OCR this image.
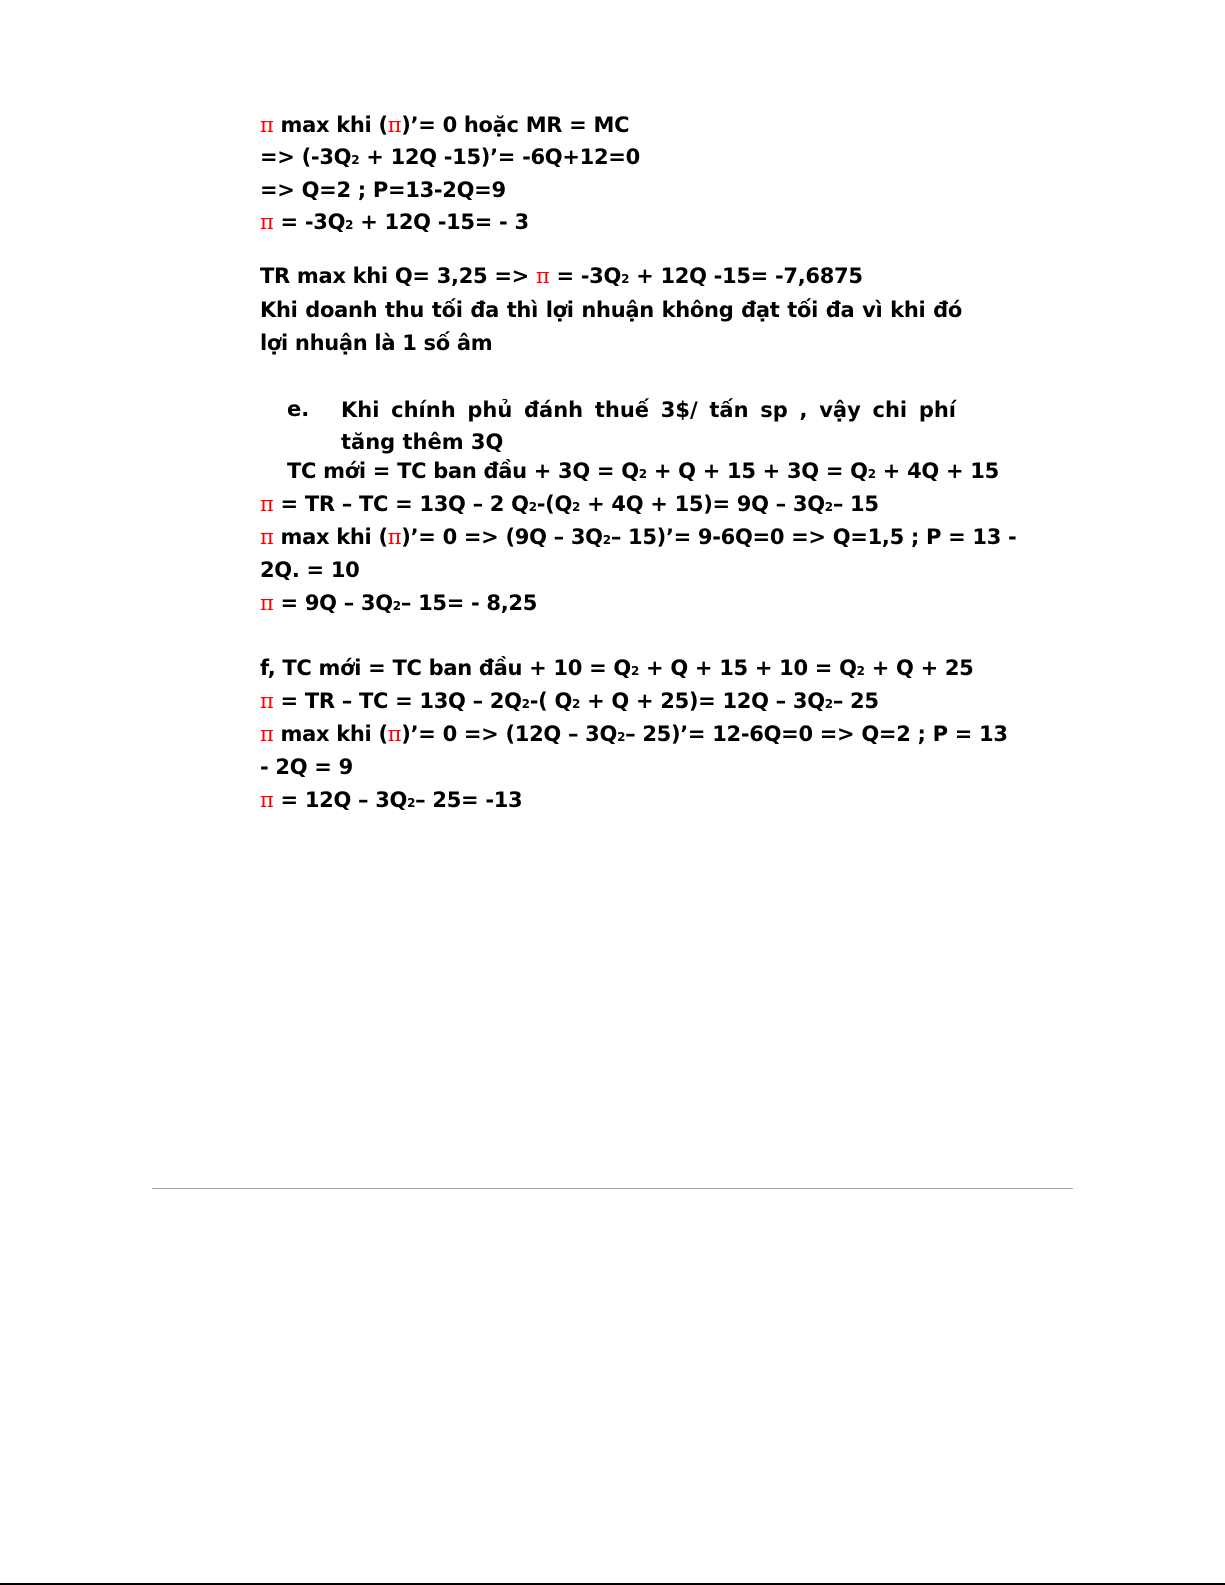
π max khi (π)’= 0 hoặc MR = MC
=> (-3Q2 + 12Q -15)’= -6Q+12=0
=> Q=2 ; P=13-2Q=9
π = -3Q2 + 12Q -15= - 3
TR max khi Q= 3,25 => π = -3Q2 + 12Q -15= -7,6875
Khi doanh thu tối đa thì lợi nhuận không đạt tối đa vì khi đó lợi nhuận là 1 số âm
e. Khi chính phủ đánh thuế 3$/ tấn sp , vậy chi phí tăng thêm 3Q
TC mới = TC ban đầu + 3Q = Q2 + Q + 15 + 3Q = Q2 + 4Q + 15
π = TR – TC = 13Q – 2 Q2-(Q2 + 4Q + 15)= 9Q – 3Q2– 15
π max khi (π)’= 0 => (9Q – 3Q2– 15)’= 9-6Q=0 => Q=1,5 ; P = 13 -
2Q. = 10
π = 9Q – 3Q2– 15= - 8,25
f, TC mới = TC ban đầu + 10 = Q2 + Q + 15 + 10 = Q2 + Q + 25
π = TR – TC = 13Q – 2Q2-( Q2 + Q + 25)= 12Q – 3Q2– 25
π max khi (π)’= 0 => (12Q – 3Q2– 25)’= 12-6Q=0 => Q=2 ; P = 13
- 2Q = 9
π = 12Q – 3Q2– 25= -13
